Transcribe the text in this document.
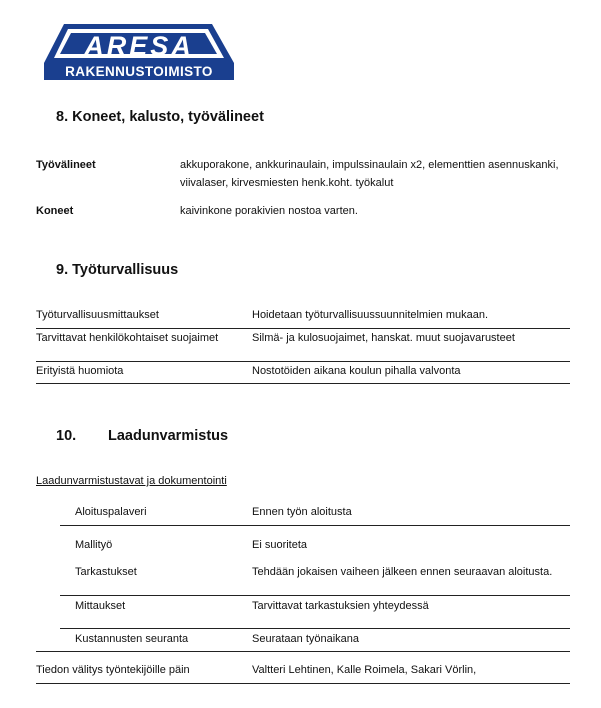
ARESA
RAKENNUSTOIMISTO
8. Koneet, kalusto, työvälineet
Työvälineet	akkuporakone, ankkurinaulain, impulssinaulain x2, elementtien asennuskanki,
viivalaser, kirvesmiesten henk.koht. työkalut
Koneet	kaivinkone porakivien nostoa varten.
9. Työturvallisuus
Työturvallisuusmittaukset	Hoidetaan työturvallisuussuunnitelmien mukaan.
Tarvittavat henkilökohtaiset suojaimet	Silmä- ja kulosuojaimet, hanskat. muut suojavarusteet
Erityistä huomiota	Nostotöiden aikana koulun pihalla valvonta
10. Laadunvarmistus
Laadunvarmistustavat ja dokumentointi
Aloituspalaveri	Ennen työn aloitusta
Mallityö	Ei suoriteta
Tarkastukset	Tehdään jokaisen vaiheen jälkeen ennen seuraavan aloitusta.
Mittaukset	Tarvittavat tarkastuksien yhteydessä
Kustannusten seuranta	Seurataan työnaikana
Tiedon välitys työntekijöille päin	Valtteri Lehtinen, Kalle Roimela, Sakari Vörlin,
